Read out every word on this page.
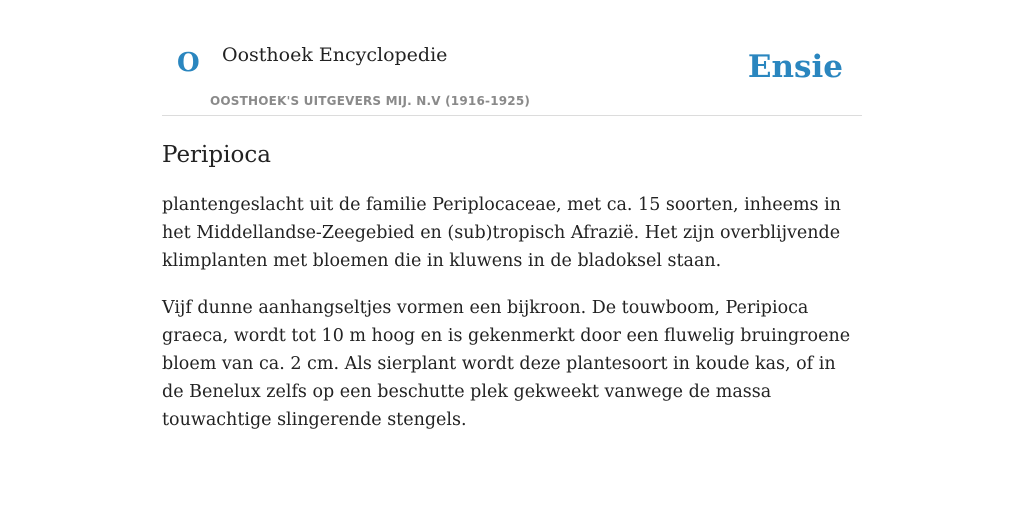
O Oosthoek Encyclopedie
OOSTHOEK'S UITGEVERS MIJ. N.V (1916-1925)
Ensie
Peripioca

plantengeslacht uit de familie Periplocaceae, met ca. 15 soorten, inheems in het Middellandse-Zeegebied en (sub)tropisch Afrazië. Het zijn overblijvende klimplanten met bloemen die in kluwens in de bladoksel staan.

Vijf dunne aanhangseltjes vormen een bijkroon. De touwboom, Peripioca graeca, wordt tot 10 m hoog en is gekenmerkt door een fluwelig bruingroene bloem van ca. 2 cm. Als sierplant wordt deze plantesoort in koude kas, of in de Benelux zelfs op een beschutte plek gekweekt vanwege de massa touwachtige slingerende stengels.
